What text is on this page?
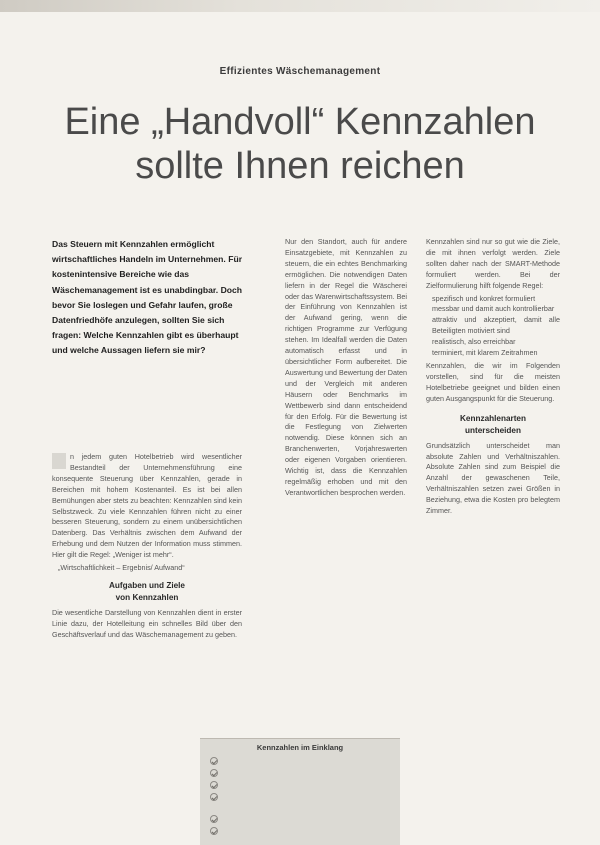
Effizientes Wäschemanagement
Eine „Handvoll“ Kennzahlen
sollte Ihnen reichen
Das Steuern mit Kennzahlen ermöglicht wirtschaftliches Handeln im Unternehmen. Für kostenintensive Bereiche wie das Wäschemanagement ist es unabdingbar. Doch bevor Sie loslegen und Gefahr laufen, große Datenfriedhöfe anzulegen, sollten Sie sich fragen: Welche Kennzahlen gibt es überhaupt und welche Aussagen liefern sie mir?

n jedem guten Hotelbetrieb wird wesentlicher Bestandteil der Unternehmensführung eine konsequente Steuerung über Kennzahlen, gerade in Bereichen mit hohem Kostenanteil. Es ist bei allen Bemühungen aber stets zu beachten: Kennzahlen sind kein Selbstzweck. Zu viele Kennzahlen führen nicht zu einer besseren Steuerung, sondern zu einem unübersichtlichen Datenberg. Das Verhältnis zwischen dem Aufwand der Erhebung und dem Nutzen der Information muss stimmen. Hier gilt die Regel: „Weniger ist mehr“.

„Wirtschaftlichkeit – Ergebnis/ Aufwand“

Aufgaben und Ziele
von Kennzahlen

Die wesentliche Darstellung von Kennzahlen dient in erster Linie dazu, der Hotelleitung ein schnelles Bild über den Geschäftsverlauf und das Wäschemanagement zu geben.

Nur den Standort, auch für andere Einsatzgebiete, mit Kennzahlen zu steuern, die ein echtes Benchmarking ermöglichen. Die notwendigen Daten liefern in der Regel die Wäscherei oder das Warenwirtschaftssystem. Bei der Einführung von Kennzahlen ist der Aufwand gering, wenn die richtigen Programme zur Verfügung stehen. Im Idealfall werden die Daten automatisch erfasst und in übersichtlicher Form aufbereitet. Die Auswertung und Bewertung der Daten und der Vergleich mit anderen Häusern oder Benchmarks im Wettbewerb sind dann entscheidend für den Erfolg. Für die Bewertung ist die Festlegung von Zielwerten notwendig. Diese können sich an Branchenwerten, Vorjahreswerten oder eigenen Vorgaben orientieren. Wichtig ist, dass die Kennzahlen regelmäßig erhoben und mit den Verantwortlichen besprochen werden.

Kennzahlen sind nur so gut wie die Ziele, die mit ihnen verfolgt werden. Ziele sollten daher nach der SMART-Methode formuliert werden. Bei der Zielformulierung hilft folgende Regel:

spezifisch und konkret formuliert
messbar und damit auch kontrollierbar
attraktiv und akzeptiert, damit alle Beteiligten motiviert sind
realistisch, also erreichbar
terminiert, mit klarem Zeitrahmen

Kennzahlen, die wir im Folgenden vorstellen, sind für die meisten Hotelbetriebe geeignet und bilden einen guten Ausgangspunkt für die Steuerung.

Kennzahlenarten
unterscheiden

Grundsätzlich unterscheidet man absolute Zahlen und Verhältniszahlen. Absolute Zahlen sind zum Beispiel die Anzahl der gewaschenen Teile, Verhältniszahlen setzen zwei Größen in Beziehung, etwa die Kosten pro belegtem Zimmer.

Kennzahlen im Einklang
